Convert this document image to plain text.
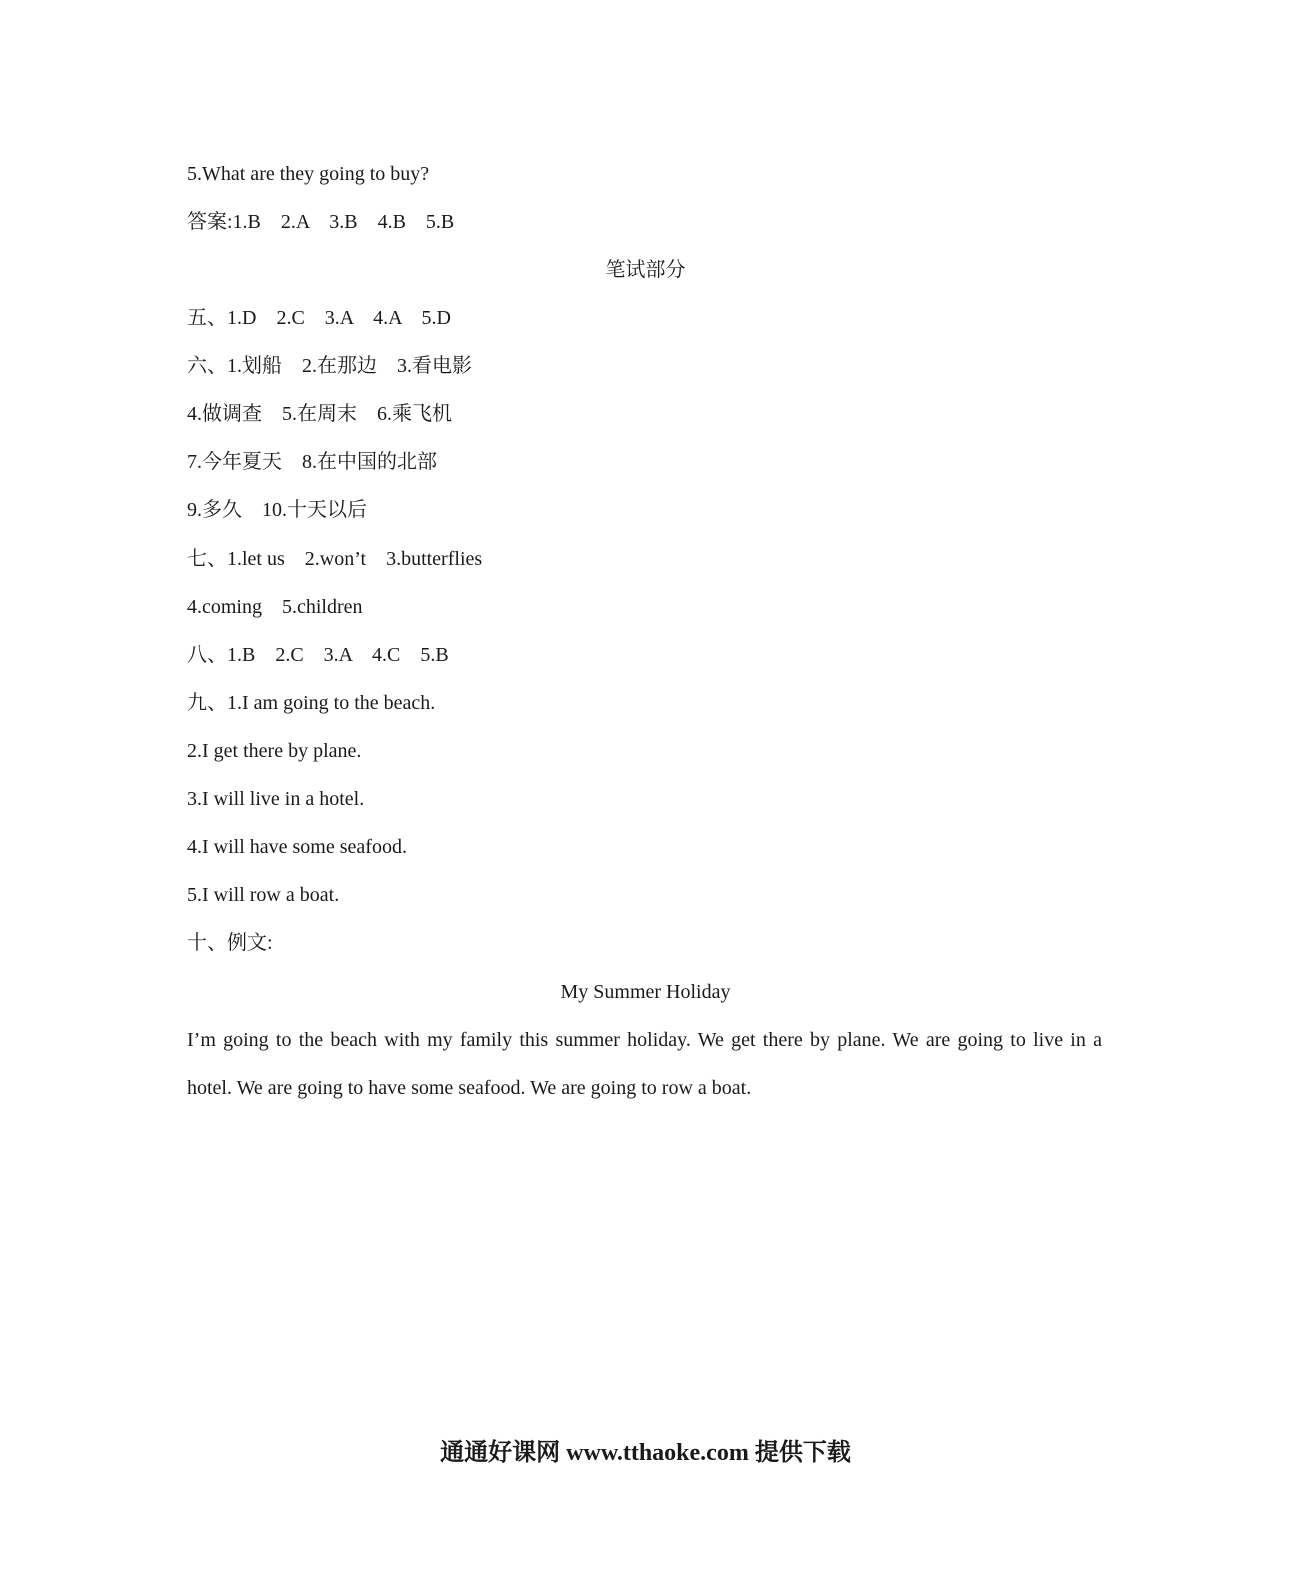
5.What are they going to buy?
答案:1.B    2.A    3.B    4.B    5.B
笔试部分
五、1.D    2.C    3.A    4.A    5.D
六、1.划船    2.在那边    3.看电影
4.做调查    5.在周末    6.乘飞机
7.今年夏天    8.在中国的北部
9.多久    10.十天以后
七、1.let us    2.won’t    3.butterflies
4.coming    5.children
八、1.B    2.C    3.A    4.C    5.B
九、1.I am going to the beach.
2.I get there by plane.
3.I will live in a hotel.
4.I will have some seafood.
5.I will row a boat.
十、例文:
My Summer Holiday
I’m going to the beach with my family this summer holiday. We get there by plane. We are going to live in a hotel. We are going to have some seafood. We are going to row a boat.
通通好课网 www.tthaoke.com 提供下载
